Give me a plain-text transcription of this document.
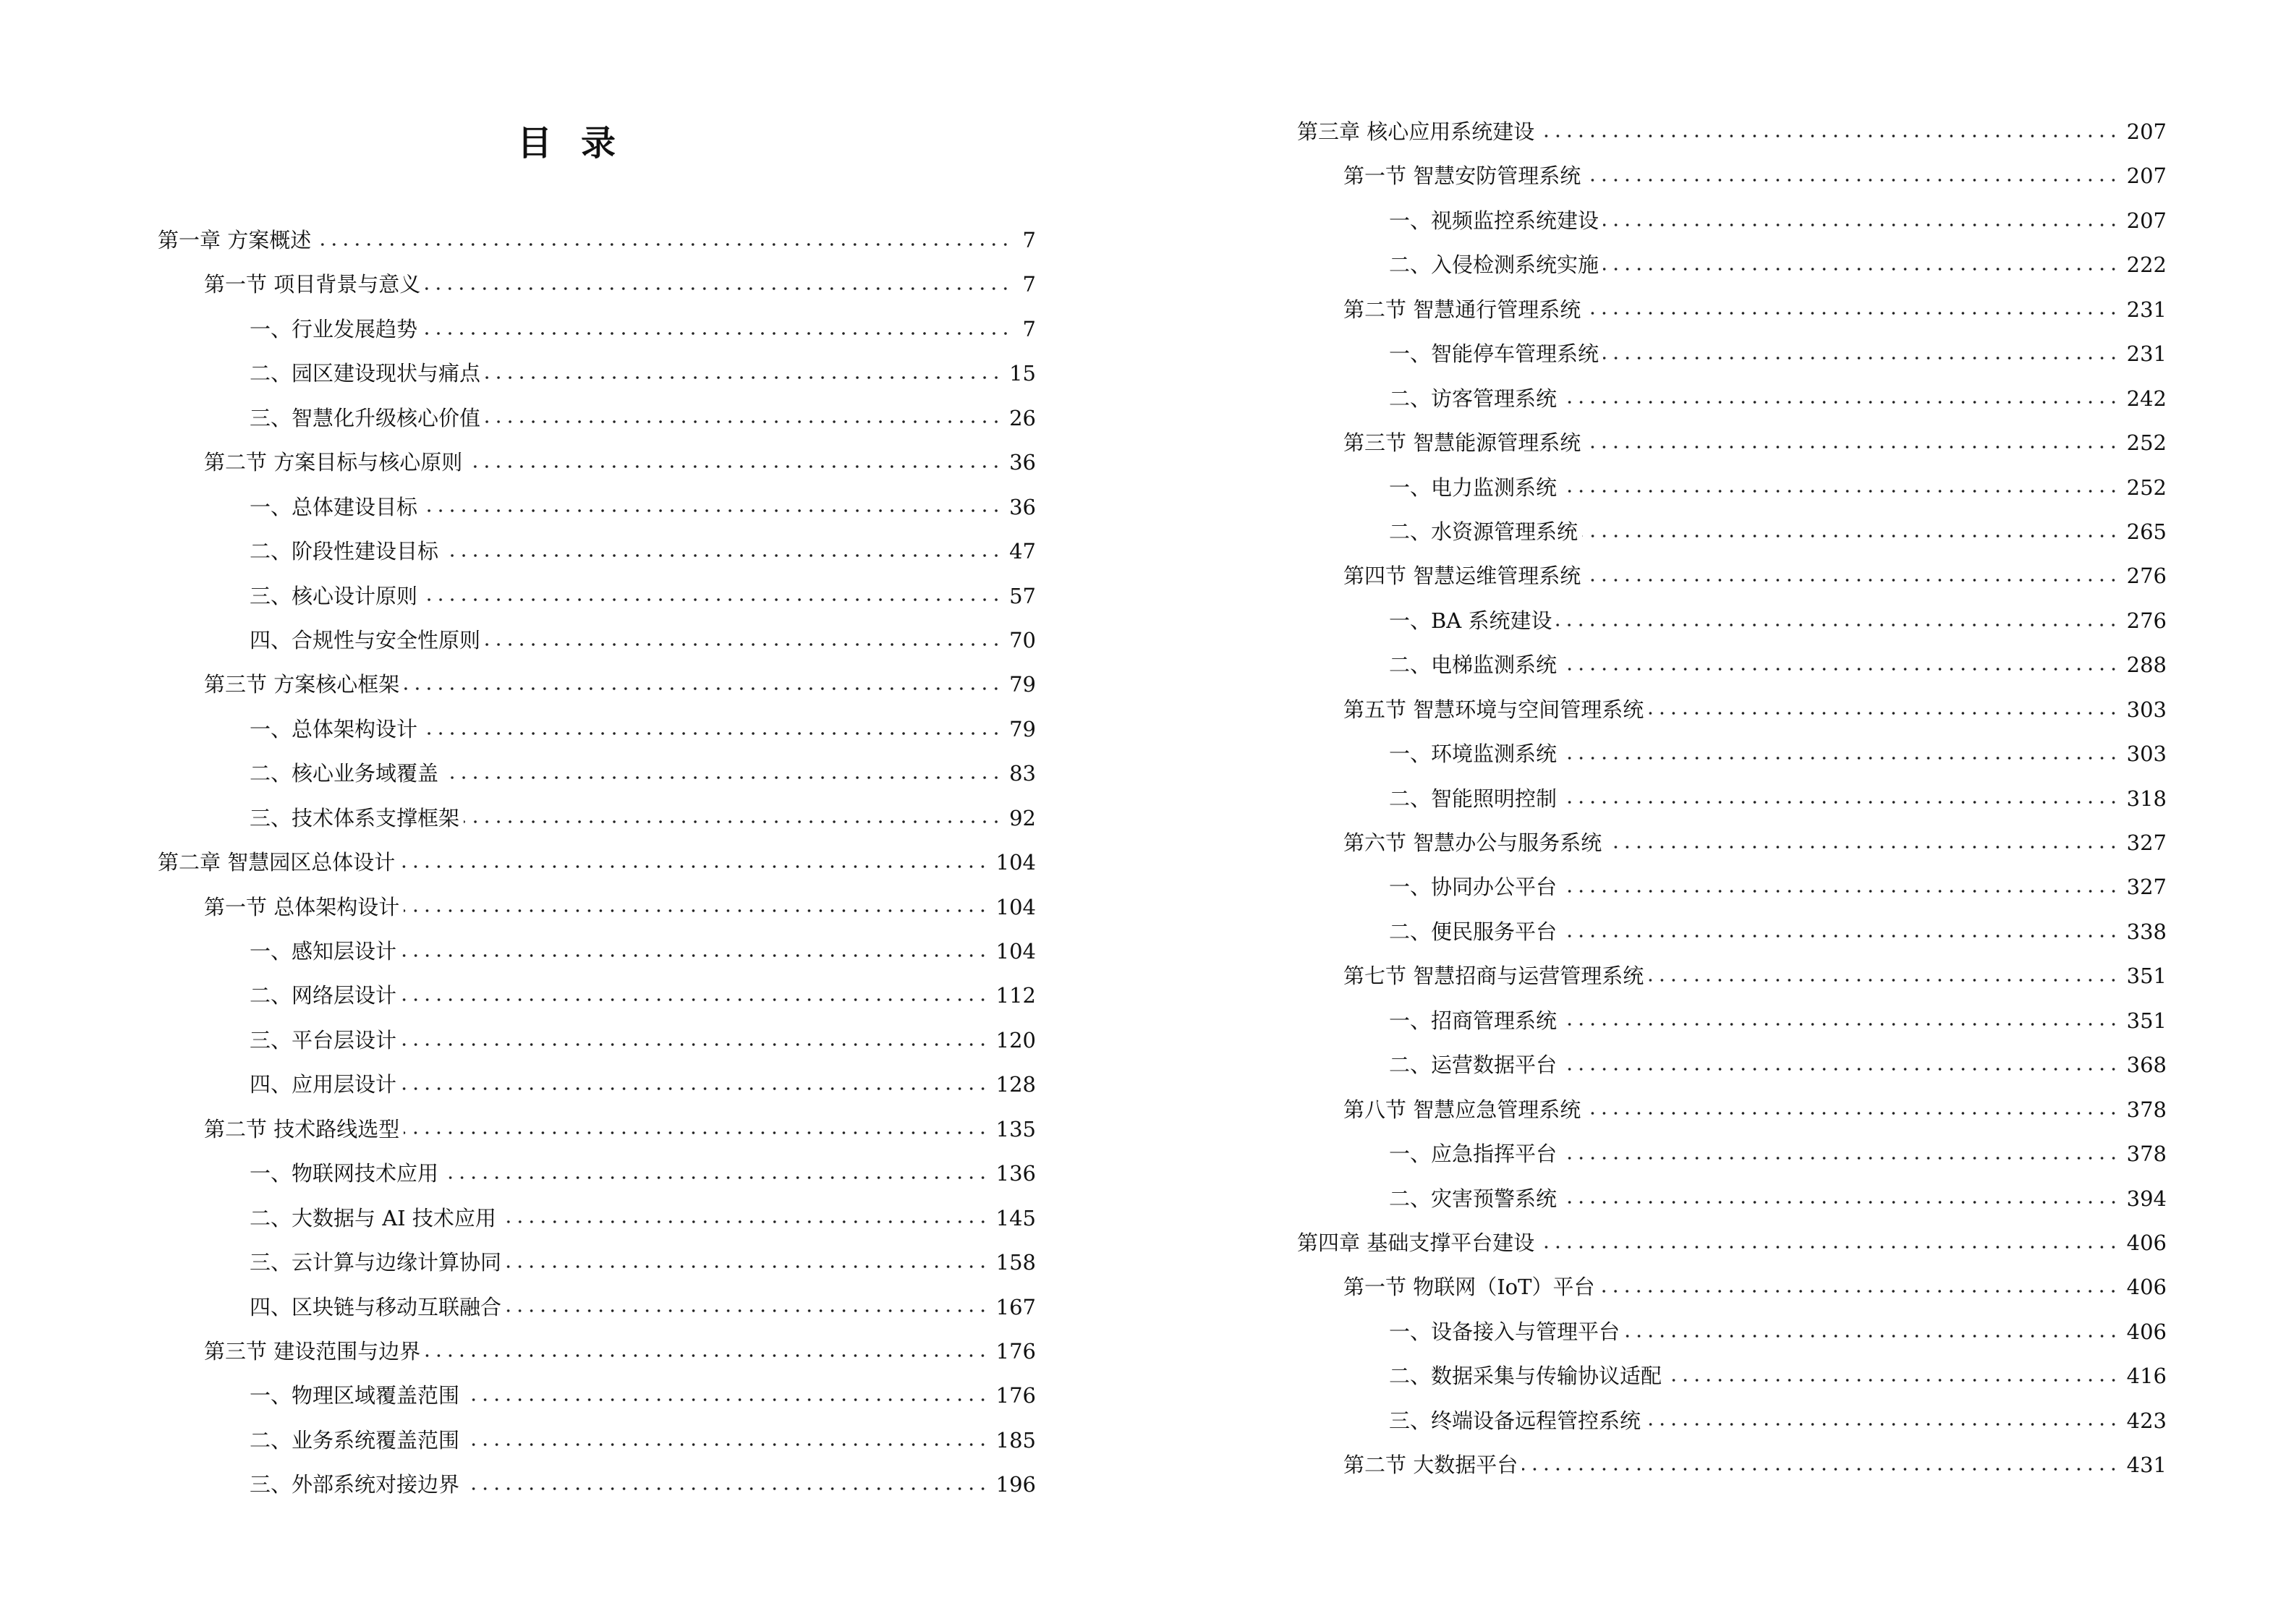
目录
第一章 方案概述	7
第一节 项目背景与意义	7
一、行业发展趋势	7
二、园区建设现状与痛点	15
三、智慧化升级核心价值	26
第二节 方案目标与核心原则	36
一、总体建设目标	36
二、阶段性建设目标	47
三、核心设计原则	57
四、合规性与安全性原则	70
第三节 方案核心框架	79
一、总体架构设计	79
二、核心业务域覆盖	83
三、技术体系支撑框架	92
第二章 智慧园区总体设计	104
第一节 总体架构设计	104
一、感知层设计	104
二、网络层设计	112
三、平台层设计	120
四、应用层设计	128
第二节 技术路线选型	135
一、物联网技术应用	136
二、大数据与 AI 技术应用	145
三、云计算与边缘计算协同	158
四、区块链与移动互联融合	167
第三节 建设范围与边界	176
一、物理区域覆盖范围	176
二、业务系统覆盖范围	185
三、外部系统对接边界	196
第三章 核心应用系统建设	207
第一节 智慧安防管理系统	207
一、视频监控系统建设	207
二、入侵检测系统实施	222
第二节 智慧通行管理系统	231
一、智能停车管理系统	231
二、访客管理系统	242
第三节 智慧能源管理系统	252
一、电力监测系统	252
二、水资源管理系统	265
第四节 智慧运维管理系统	276
一、BA 系统建设	276
二、电梯监测系统	288
第五节 智慧环境与空间管理系统	303
一、环境监测系统	303
二、智能照明控制	318
第六节 智慧办公与服务系统	327
一、协同办公平台	327
二、便民服务平台	338
第七节 智慧招商与运营管理系统	351
一、招商管理系统	351
二、运营数据平台	368
第八节 智慧应急管理系统	378
一、应急指挥平台	378
二、灾害预警系统	394
第四章 基础支撑平台建设	406
第一节 物联网（IoT）平台	406
一、设备接入与管理平台	406
二、数据采集与传输协议适配	416
三、终端设备远程管控系统	423
第二节 大数据平台	431
